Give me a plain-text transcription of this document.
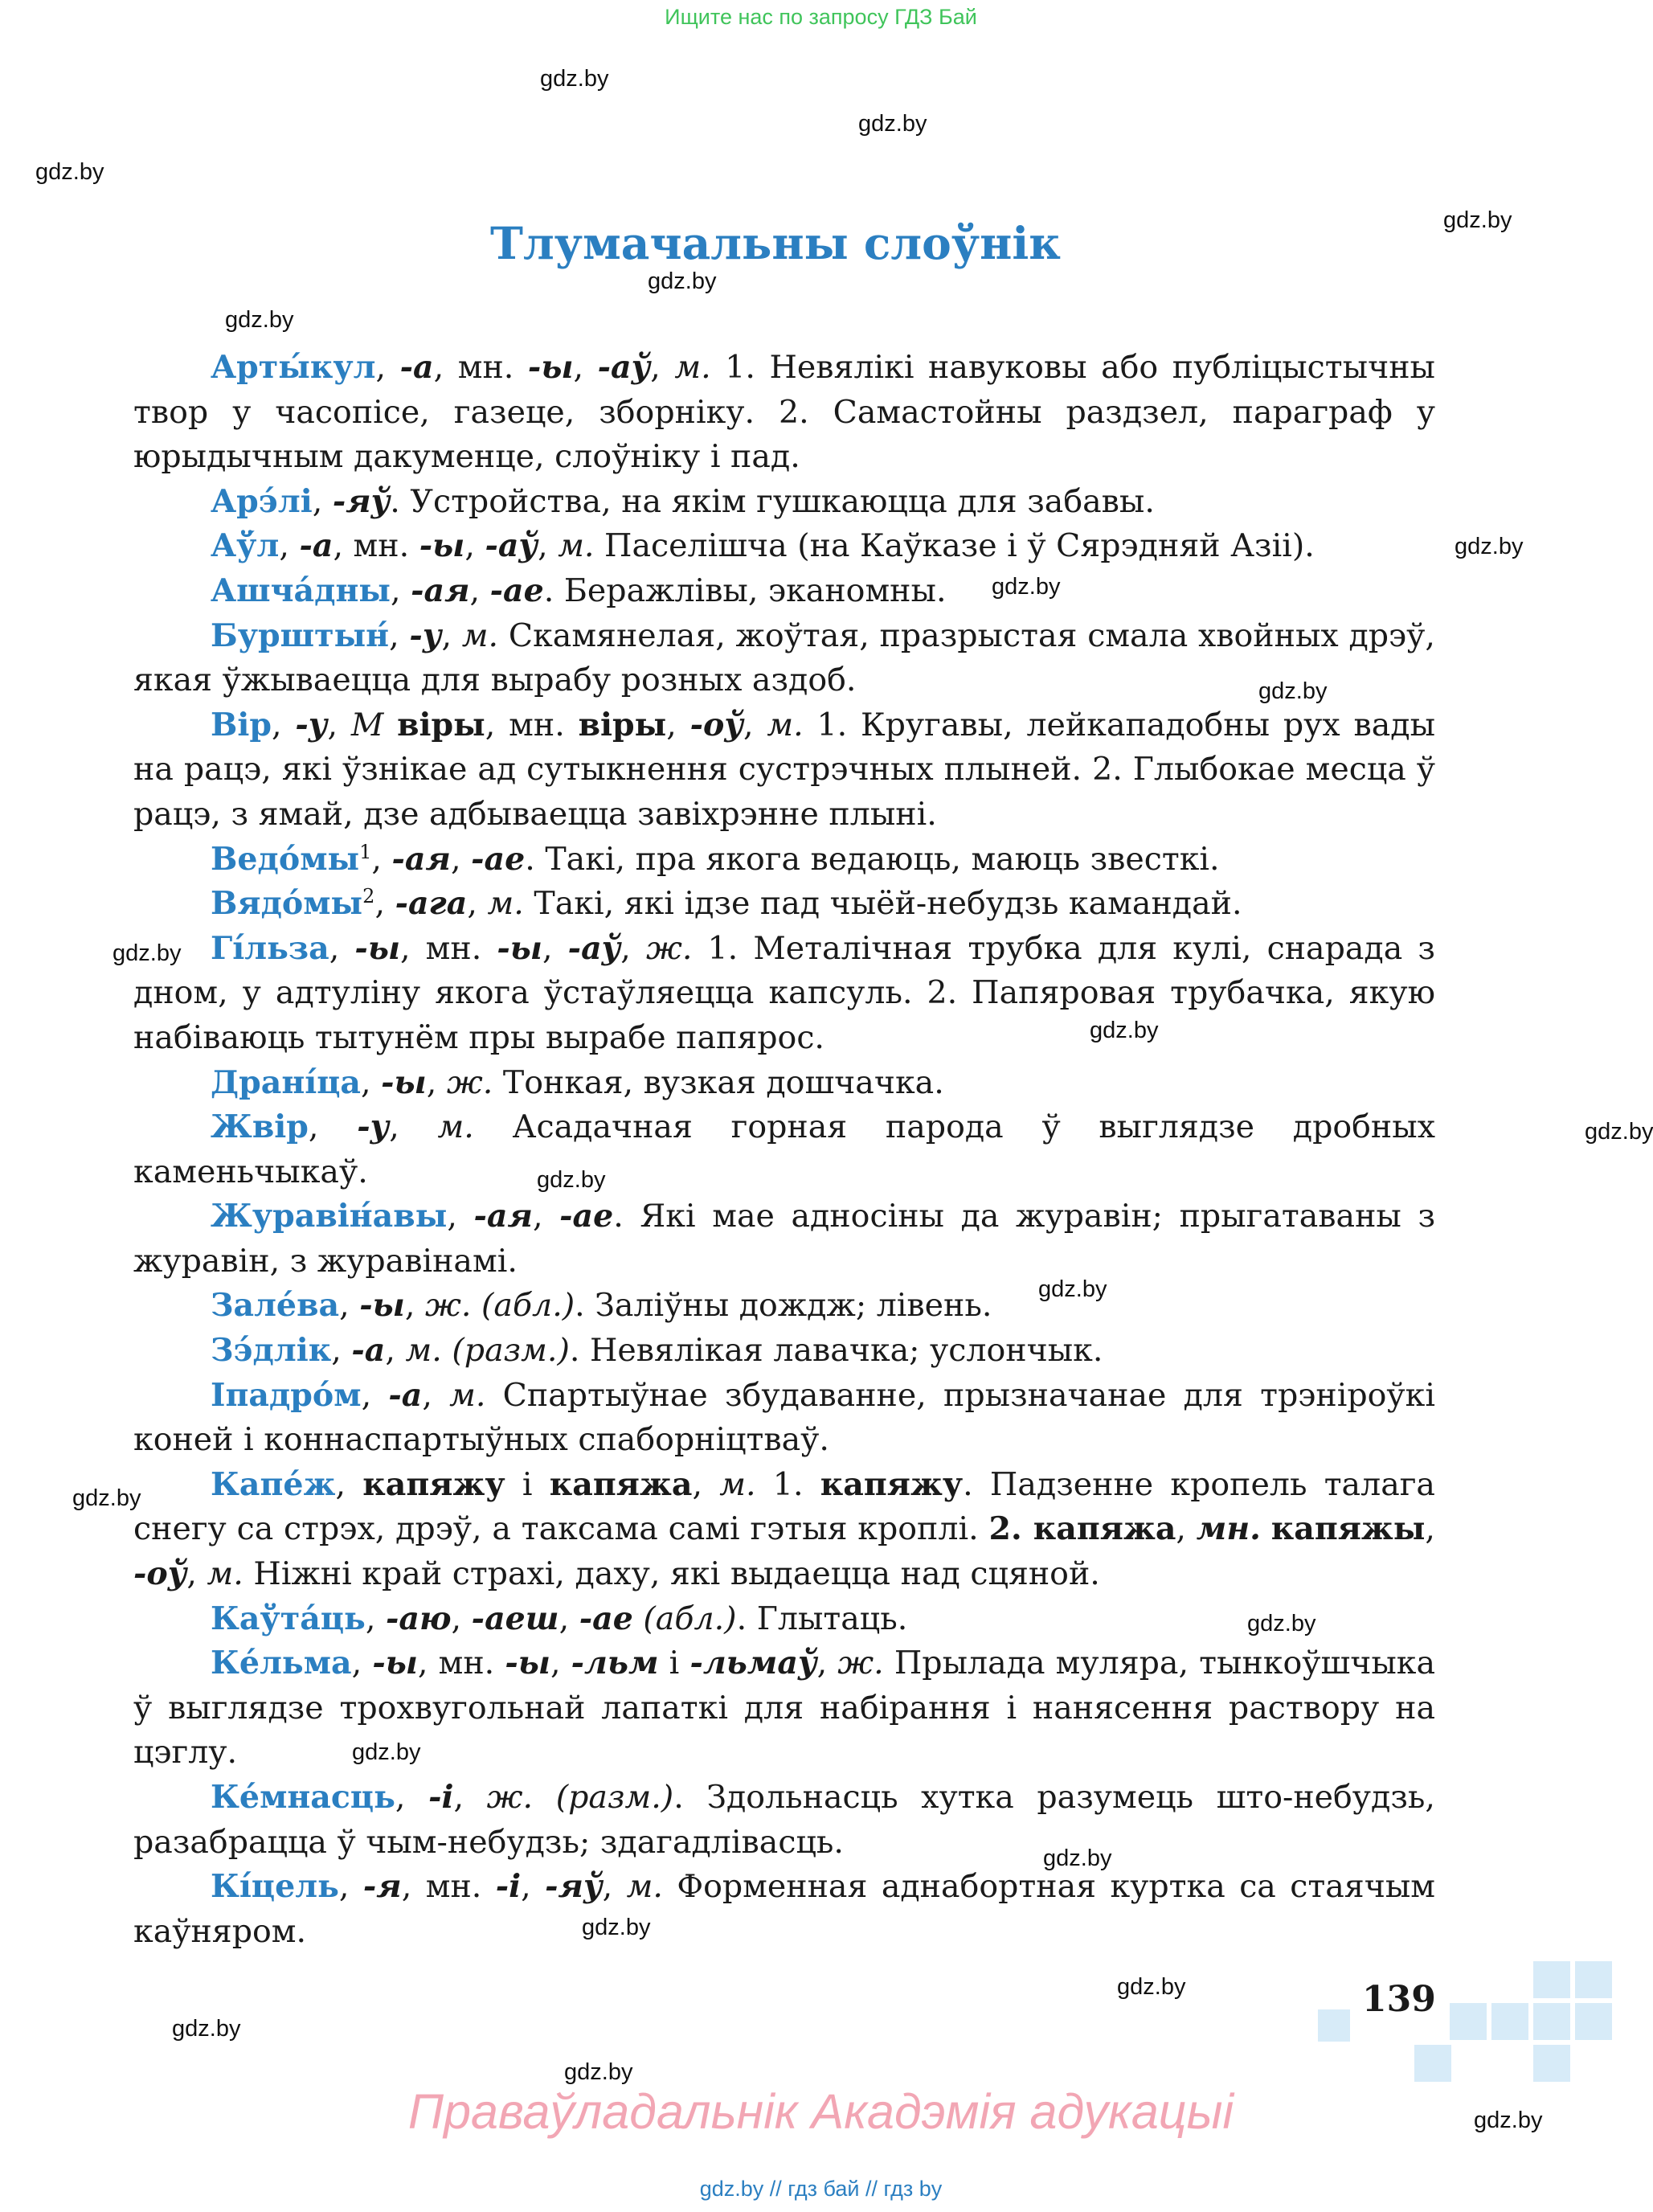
Ищите нас по запросу ГДЗ Бай
gdz.by
gdz.by
gdz.by
gdz.by
gdz.by
gdz.by
gdz.by
gdz.by
gdz.by
gdz.by
gdz.by
gdz.by
gdz.by
gdz.by
gdz.by
gdz.by
gdz.by
gdz.by
gdz.by
gdz.by
gdz.by
gdz.by
gdz.by
Тлумачальны слоўнік

Арты́кул, -а, мн. -ы, -аў, м. 1. Невялікі навуковы або публіцыстычны твор у часопісе, газеце, зборніку. 2. Самастойны раздзел, параграф у юрыдычным дакуменце, слоўніку і пад.

Арэ́лі, -яў. Устройства, на якім гушкаюцца для забавы.

Аў́л, -а, мн. -ы, -аў, м. Паселішча (на Каўказе і ў Сярэдняй Азіі).

Ашча́дны, -ая, -ае. Беражлівы, эканомны.

Бурштын́, -у, м. Скамянелая, жоўтая, празрыстая смала хвойных дрэў, якая ўжываецца для вырабу розных аздоб.

Вір, -у, М віры, мн. віры, -оў, м. 1. Кругавы, лейкападобны рух вады на рацэ, які ўзнікае ад сутыкнення сустрэчных плыней. 2. Глыбокае месца ў рацэ, з ямай, дзе адбываецца завіхрэнне плыні.

$Ведо́мы^1$, -ая, -ае. Такі, пра якога ведаюць, маюць звесткі.

$Вядо́мы^2$, -ага, м. Такі, які ідзе пад чыёй-небудзь камандай.

Гі́льза, -ы, мн. -ы, -аў, ж. 1. Металічная трубка для кулі, снарада з дном, у адтуліну якога ўстаўляецца капсуль. 2. Папяровая трубачка, якую набіваюць тытунём пры вырабе папярос.

Драні́ца, -ы, ж. Тонкая, вузкая дошчачка.

Жвір, -у, м. Асадачная горная парода ў выглядзе дробных каменьчыкаў.

Журавін́авы, -ая, -ае. Які мае адносіны да журавін; прыгатаваны з журавін, з журавінамі.

Зале́ва, -ы, ж. (абл.). Заліўны дождж; лівень.

Зэ́длік, -а, м. (разм.). Невялікая лавачка; услончык.

Іпадро́м, -а, м. Спартыўнае збудаванне, прызначанае для трэніроўкі коней і коннаспартыўных спаборніцтваў.

Капе́ж, капяжу і капяжа, м. 1. капяжу. Падзенне кропель талага снегу са стрэх, дрэў, а таксама самі гэтыя кроплі. 2. капяжа, мн. капяжы, -оў, м. Ніжні край страхі, даху, які выдаецца над сцяной.

Каўта́ць, -аю, -аеш, -ае (абл.). Глытаць.

Ке́льма, -ы, мн. -ы, -льм і -льмаў, ж. Прылада муляра, тынкоўшчыка ў выглядзе трохвугольнай лапаткі для набірання і нанясення раствору на цэглу.

Ке́мнасць, -і, ж. (разм.). Здольнасць хутка разумець што-небудзь, разабрацца ў чым-небудзь; здагадлівасць.

Кі́цель, -я, мн. -і, -яў, м. Форменная аднабортная куртка са стаячым каўняром.

139
Праваўладальнік Акадэмія адукацыі
gdz.by // гдз бай // гдз by
